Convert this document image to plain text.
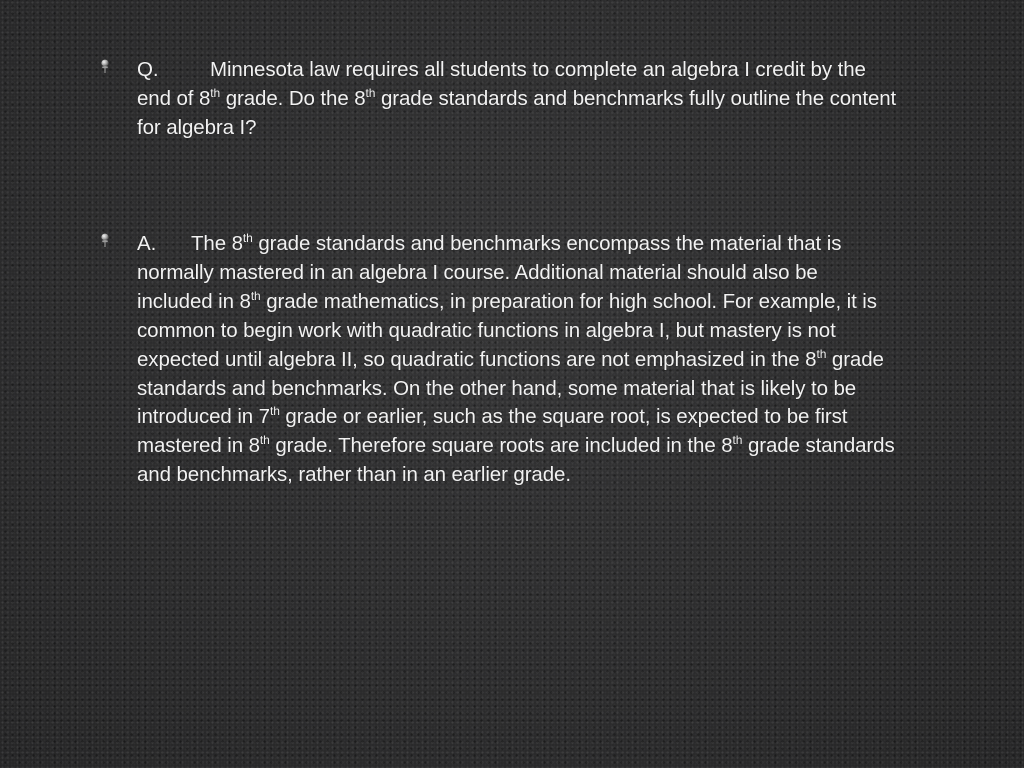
Q.	Minnesota law requires all students to complete an algebra I credit by the end of 8th grade. Do the 8th grade standards and benchmarks fully outline the content for algebra I?
A. The 8th grade standards and benchmarks encompass the material that is normally mastered in an algebra I course. Additional material should also be included in 8th grade mathematics, in preparation for high school. For example, it is common to begin work with quadratic functions in algebra I, but mastery is not expected until algebra II, so quadratic functions are not emphasized in the 8th grade standards and benchmarks. On the other hand, some material that is likely to be introduced in 7th grade or earlier, such as the square root, is expected to be first mastered in 8th grade. Therefore square roots are included in the 8th grade standards and benchmarks, rather than in an earlier grade.
